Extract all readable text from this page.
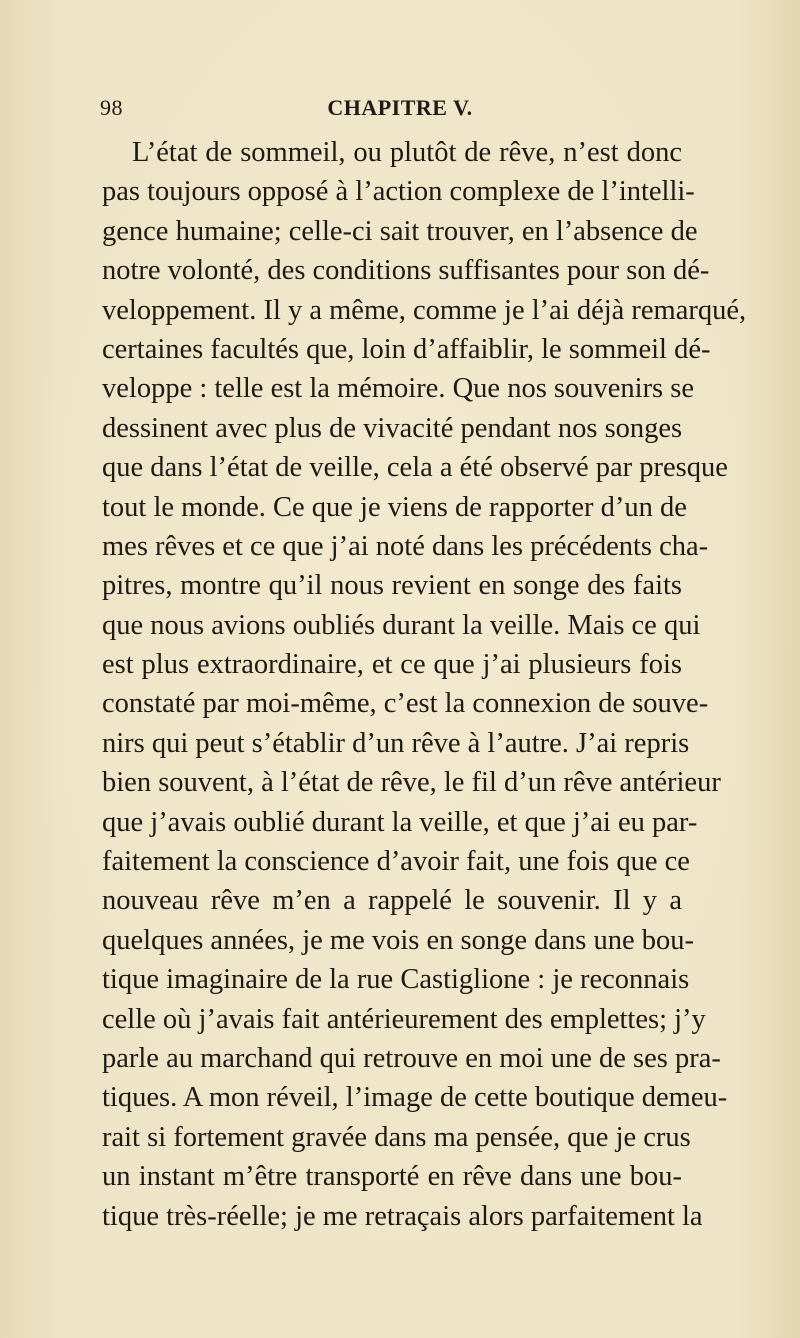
98	CHAPITRE V.
L’état de sommeil, ou plutôt de rêve, n’est donc
pas toujours opposé à l’action complexe de l’intelli-
gence humaine; celle-ci sait trouver, en l’absence de
notre volonté, des conditions suffisantes pour son dé-
veloppement. Il y a même, comme je l’ai déjà remarqué,
certaines facultés que, loin d’affaiblir, le sommeil dé-
veloppe : telle est la mémoire. Que nos souvenirs se
dessinent avec plus de vivacité pendant nos songes
que dans l’état de veille, cela a été observé par presque
tout le monde. Ce que je viens de rapporter d’un de
mes rêves et ce que j’ai noté dans les précédents cha-
pitres, montre qu’il nous revient en songe des faits
que nous avions oubliés durant la veille. Mais ce qui
est plus extraordinaire, et ce que j’ai plusieurs fois
constaté par moi-même, c’est la connexion de souve-
nirs qui peut s’établir d’un rêve à l’autre. J’ai repris
bien souvent, à l’état de rêve, le fil d’un rêve antérieur
que j’avais oublié durant la veille, et que j’ai eu par-
faitement la conscience d’avoir fait, une fois que ce
nouveau rêve m’en a rappelé le souvenir. Il y a
quelques années, je me vois en songe dans une bou-
tique imaginaire de la rue Castiglione : je reconnais
celle où j’avais fait antérieurement des emplettes; j’y
parle au marchand qui retrouve en moi une de ses pra-
tiques. A mon réveil, l’image de cette boutique demeu-
rait si fortement gravée dans ma pensée, que je crus
un instant m’être transporté en rêve dans une bou-
tique très-réelle; je me retraçais alors parfaitement la
